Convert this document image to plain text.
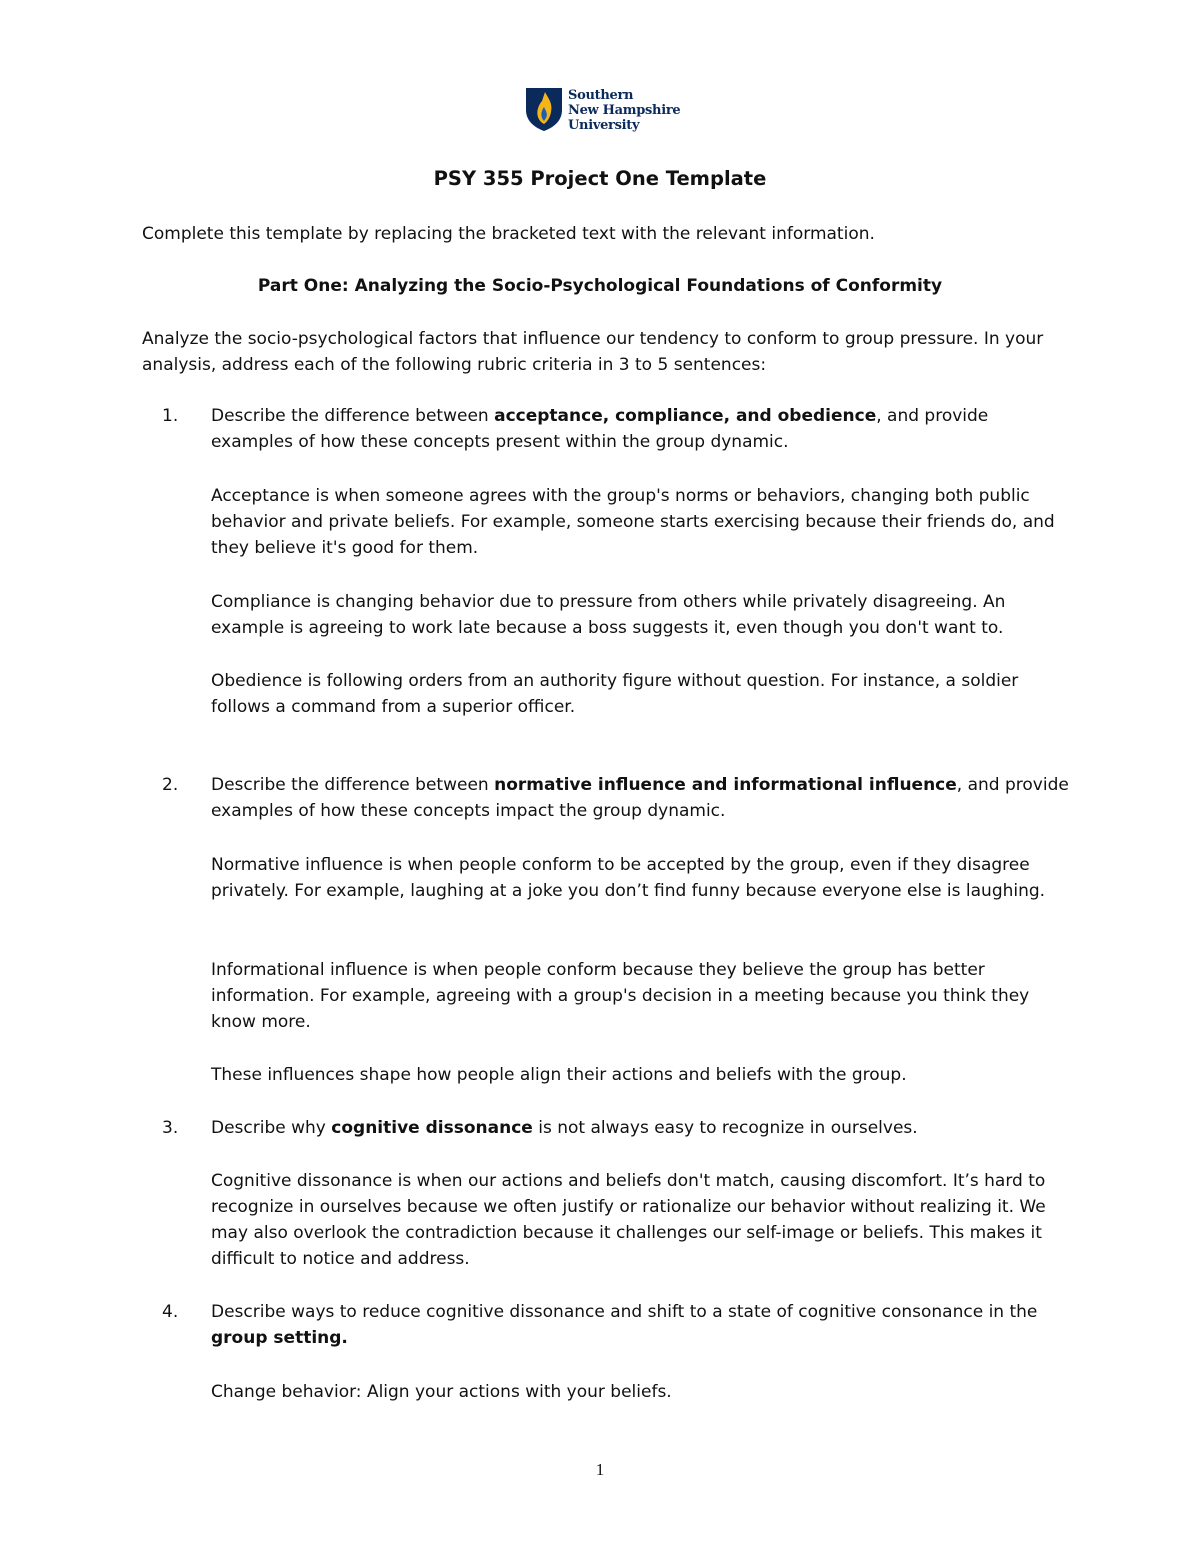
Southern
New Hampshire
University
PSY 355 Project One Template
Complete this template by replacing the bracketed text with the relevant information.
Part One: Analyzing the Socio-Psychological Foundations of Conformity
Analyze the socio-psychological factors that influence our tendency to conform to group pressure. In your analysis, address each of the following rubric criteria in 3 to 5 sentences:
1. Describe the difference between acceptance, compliance, and obedience, and provide examples of how these concepts present within the group dynamic.
Acceptance is when someone agrees with the group's norms or behaviors, changing both public behavior and private beliefs. For example, someone starts exercising because their friends do, and they believe it's good for them.
Compliance is changing behavior due to pressure from others while privately disagreeing. An example is agreeing to work late because a boss suggests it, even though you don't want to.
Obedience is following orders from an authority figure without question. For instance, a soldier follows a command from a superior officer.
2. Describe the difference between normative influence and informational influence, and provide examples of how these concepts impact the group dynamic.
Normative influence is when people conform to be accepted by the group, even if they disagree privately. For example, laughing at a joke you don’t find funny because everyone else is laughing.
Informational influence is when people conform because they believe the group has better information. For example, agreeing with a group's decision in a meeting because you think they know more.
These influences shape how people align their actions and beliefs with the group.
3. Describe why cognitive dissonance is not always easy to recognize in ourselves.
Cognitive dissonance is when our actions and beliefs don't match, causing discomfort. It’s hard to recognize in ourselves because we often justify or rationalize our behavior without realizing it. We may also overlook the contradiction because it challenges our self-image or beliefs. This makes it difficult to notice and address.
4. Describe ways to reduce cognitive dissonance and shift to a state of cognitive consonance in the group setting.
Change behavior: Align your actions with your beliefs.
1
